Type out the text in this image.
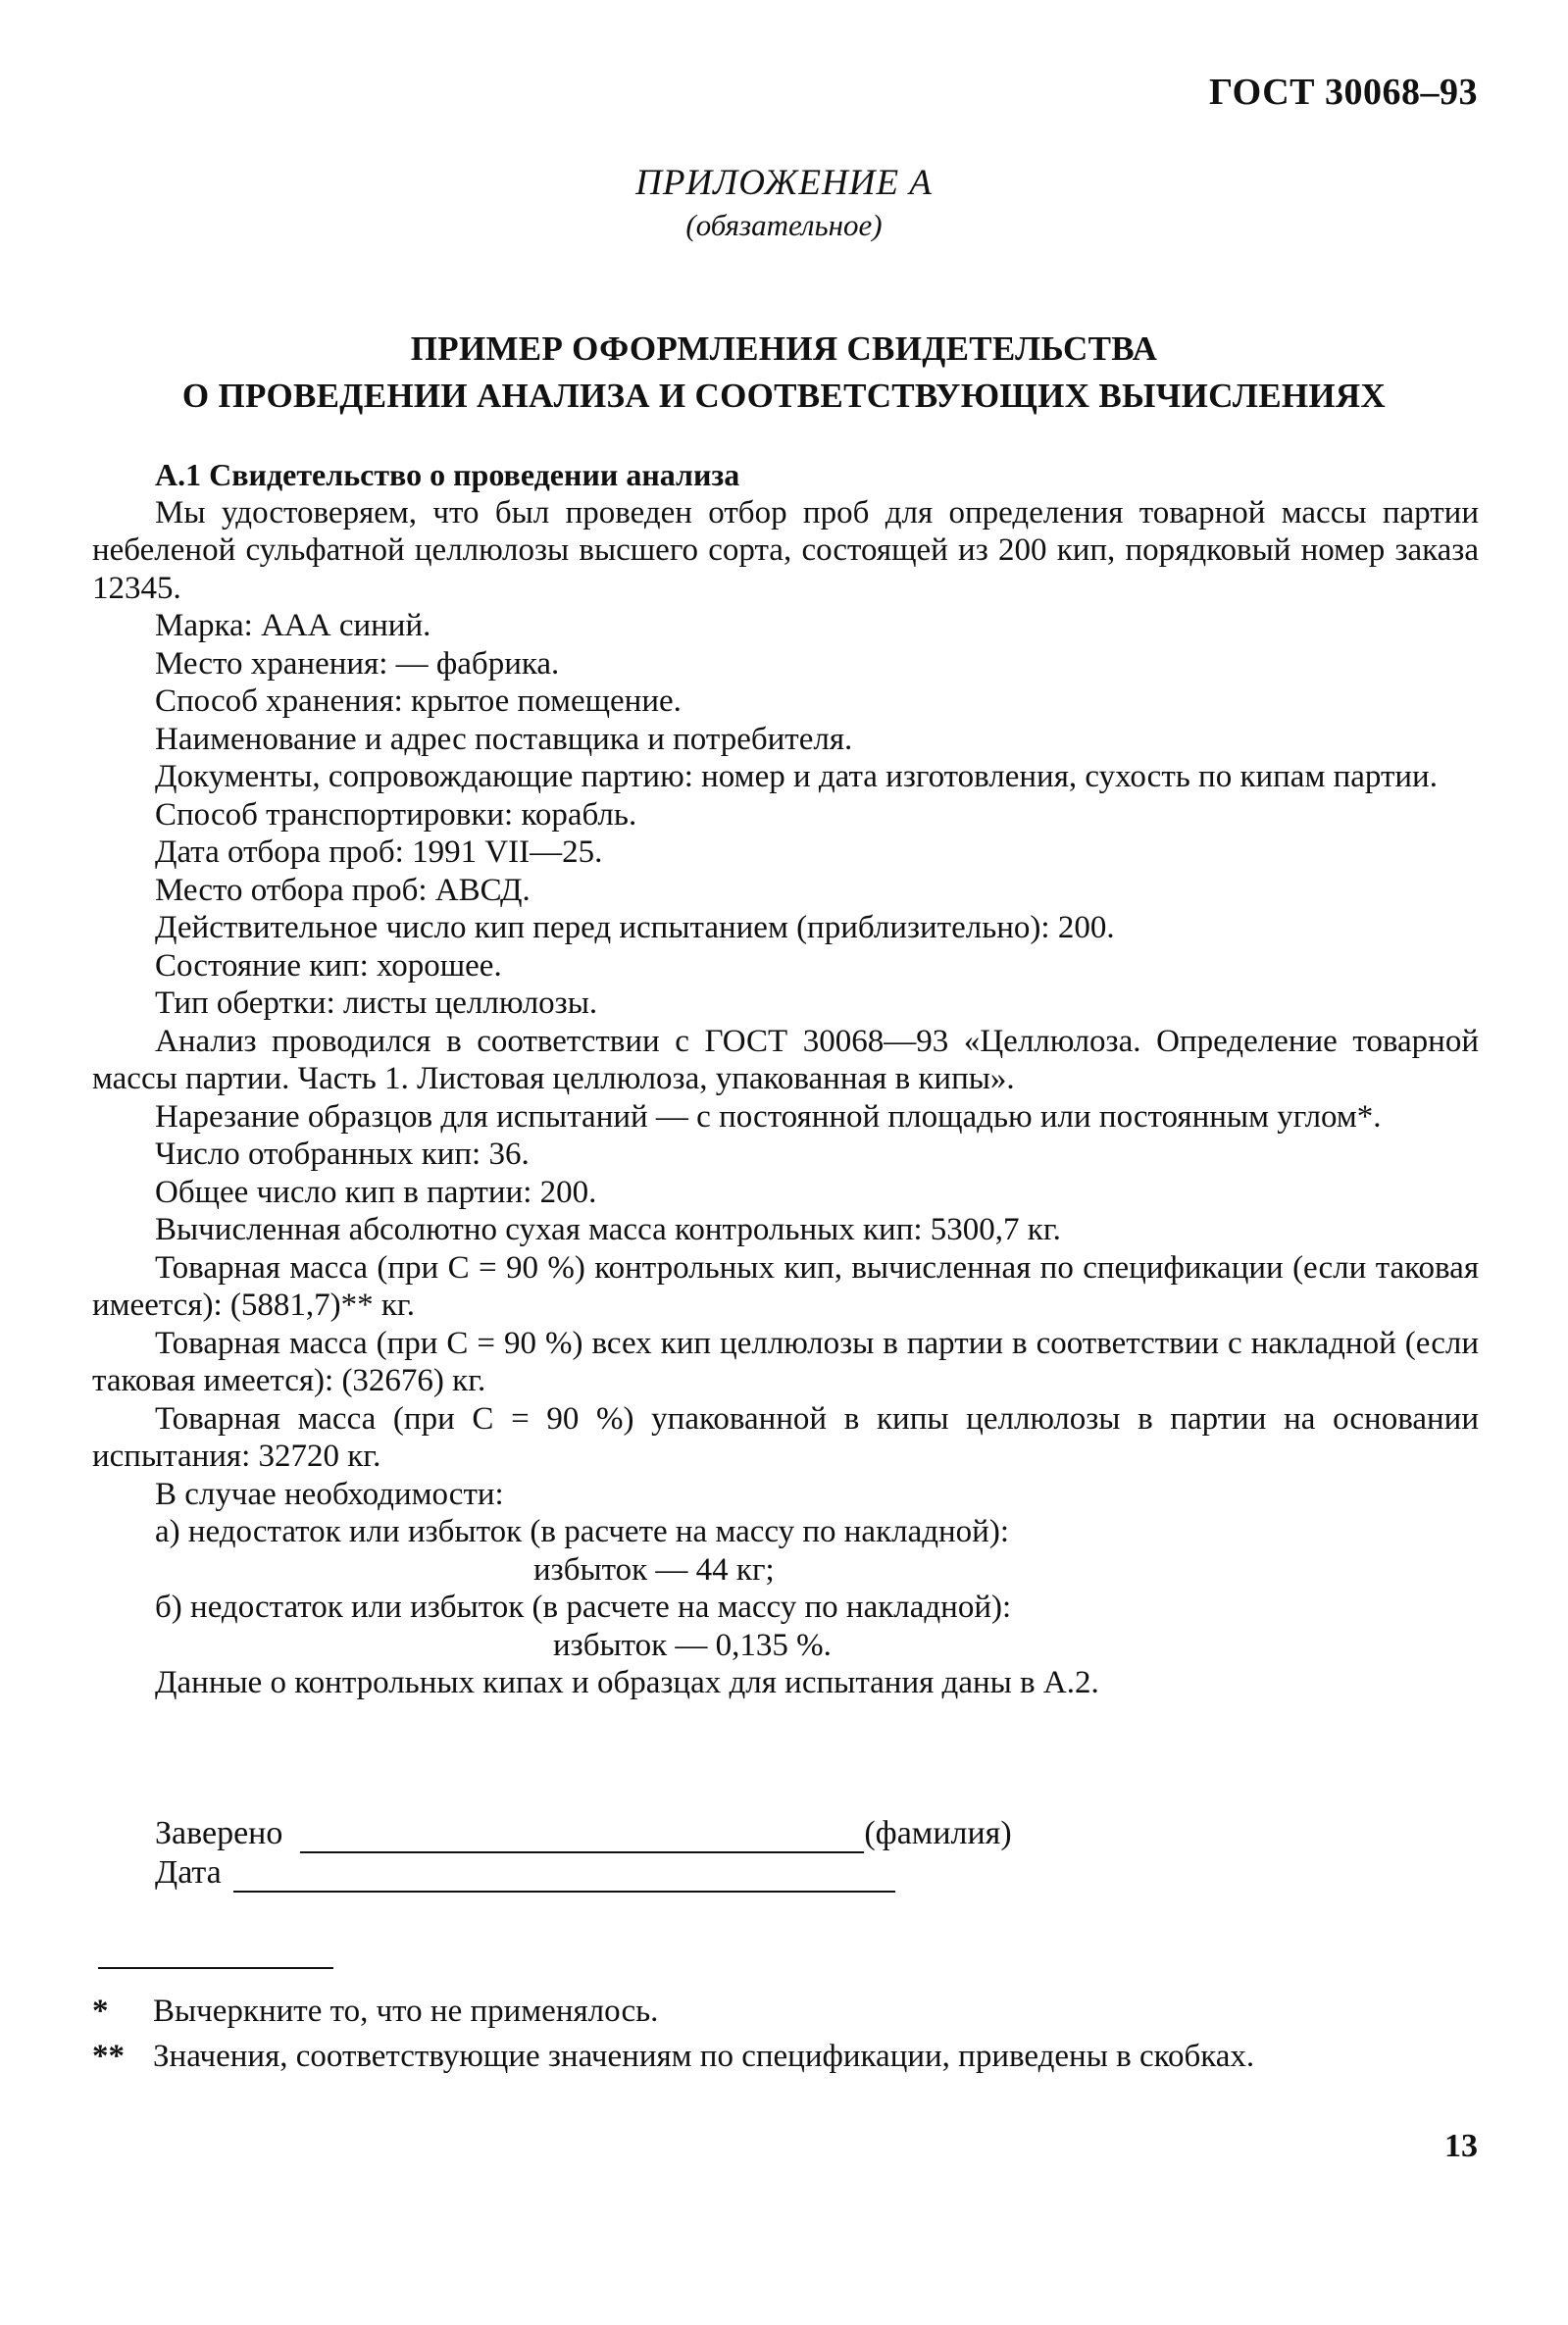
ГОСТ 30068–93
ПРИЛОЖЕНИЕ А
(обязательное)
ПРИМЕР ОФОРМЛЕНИЯ СВИДЕТЕЛЬСТВА
О ПРОВЕДЕНИИ АНАЛИЗА И СООТВЕТСТВУЮЩИХ ВЫЧИСЛЕНИЯХ

А.1 Свидетельство о проведении анализа

Мы удостоверяем, что был проведен отбор проб для определения товарной массы партии небеленой сульфатной целлюлозы высшего сорта, состоящей из 200 кип, порядковый номер заказа 12345.

Марка: ААА синий.

Место хранения: — фабрика.

Способ хранения: крытое помещение.

Наименование и адрес поставщика и потребителя.

Документы, сопровождающие партию: номер и дата изготовления, сухость по кипам партии.

Способ транспортировки: корабль.

Дата отбора проб: 1991 VII—25.

Место отбора проб: АВСД.

Действительное число кип перед испытанием (приблизительно): 200.

Состояние кип: хорошее.

Тип обертки: листы целлюлозы.

Анализ проводился в соответствии с ГОСТ 30068—93 «Целлюлоза. Определение товарной массы партии. Часть 1. Листовая целлюлоза, упакованная в кипы».

Нарезание образцов для испытаний — с постоянной площадью или постоянным углом*.

Число отобранных кип: 36.

Общее число кип в партии: 200.

Вычисленная абсолютно сухая масса контрольных кип: 5300,7 кг.

Товарная масса (при C = 90 %) контрольных кип, вычисленная по спецификации (если таковая имеется): (5881,7)** кг.

Товарная масса (при C = 90 %) всех кип целлюлозы в партии в соответствии с накладной (если таковая имеется): (32676) кг.

Товарная масса (при C = 90 %) упакованной в кипы целлюлозы в партии на основании испытания: 32720 кг.

В случае необходимости:

а) недостаток или избыток (в расчете на массу по накладной):

избыток — 44 кг;

б) недостаток или избыток (в расчете на массу по накладной):

избыток — 0,135 %.

Данные о контрольных кипах и образцах для испытания даны в А.2.

Заверено	(фамилия)
Дата
*	Вычеркните то, что не применялось.
** Значения, соответствующие значениям по спецификации, приведены в скобках.
13
